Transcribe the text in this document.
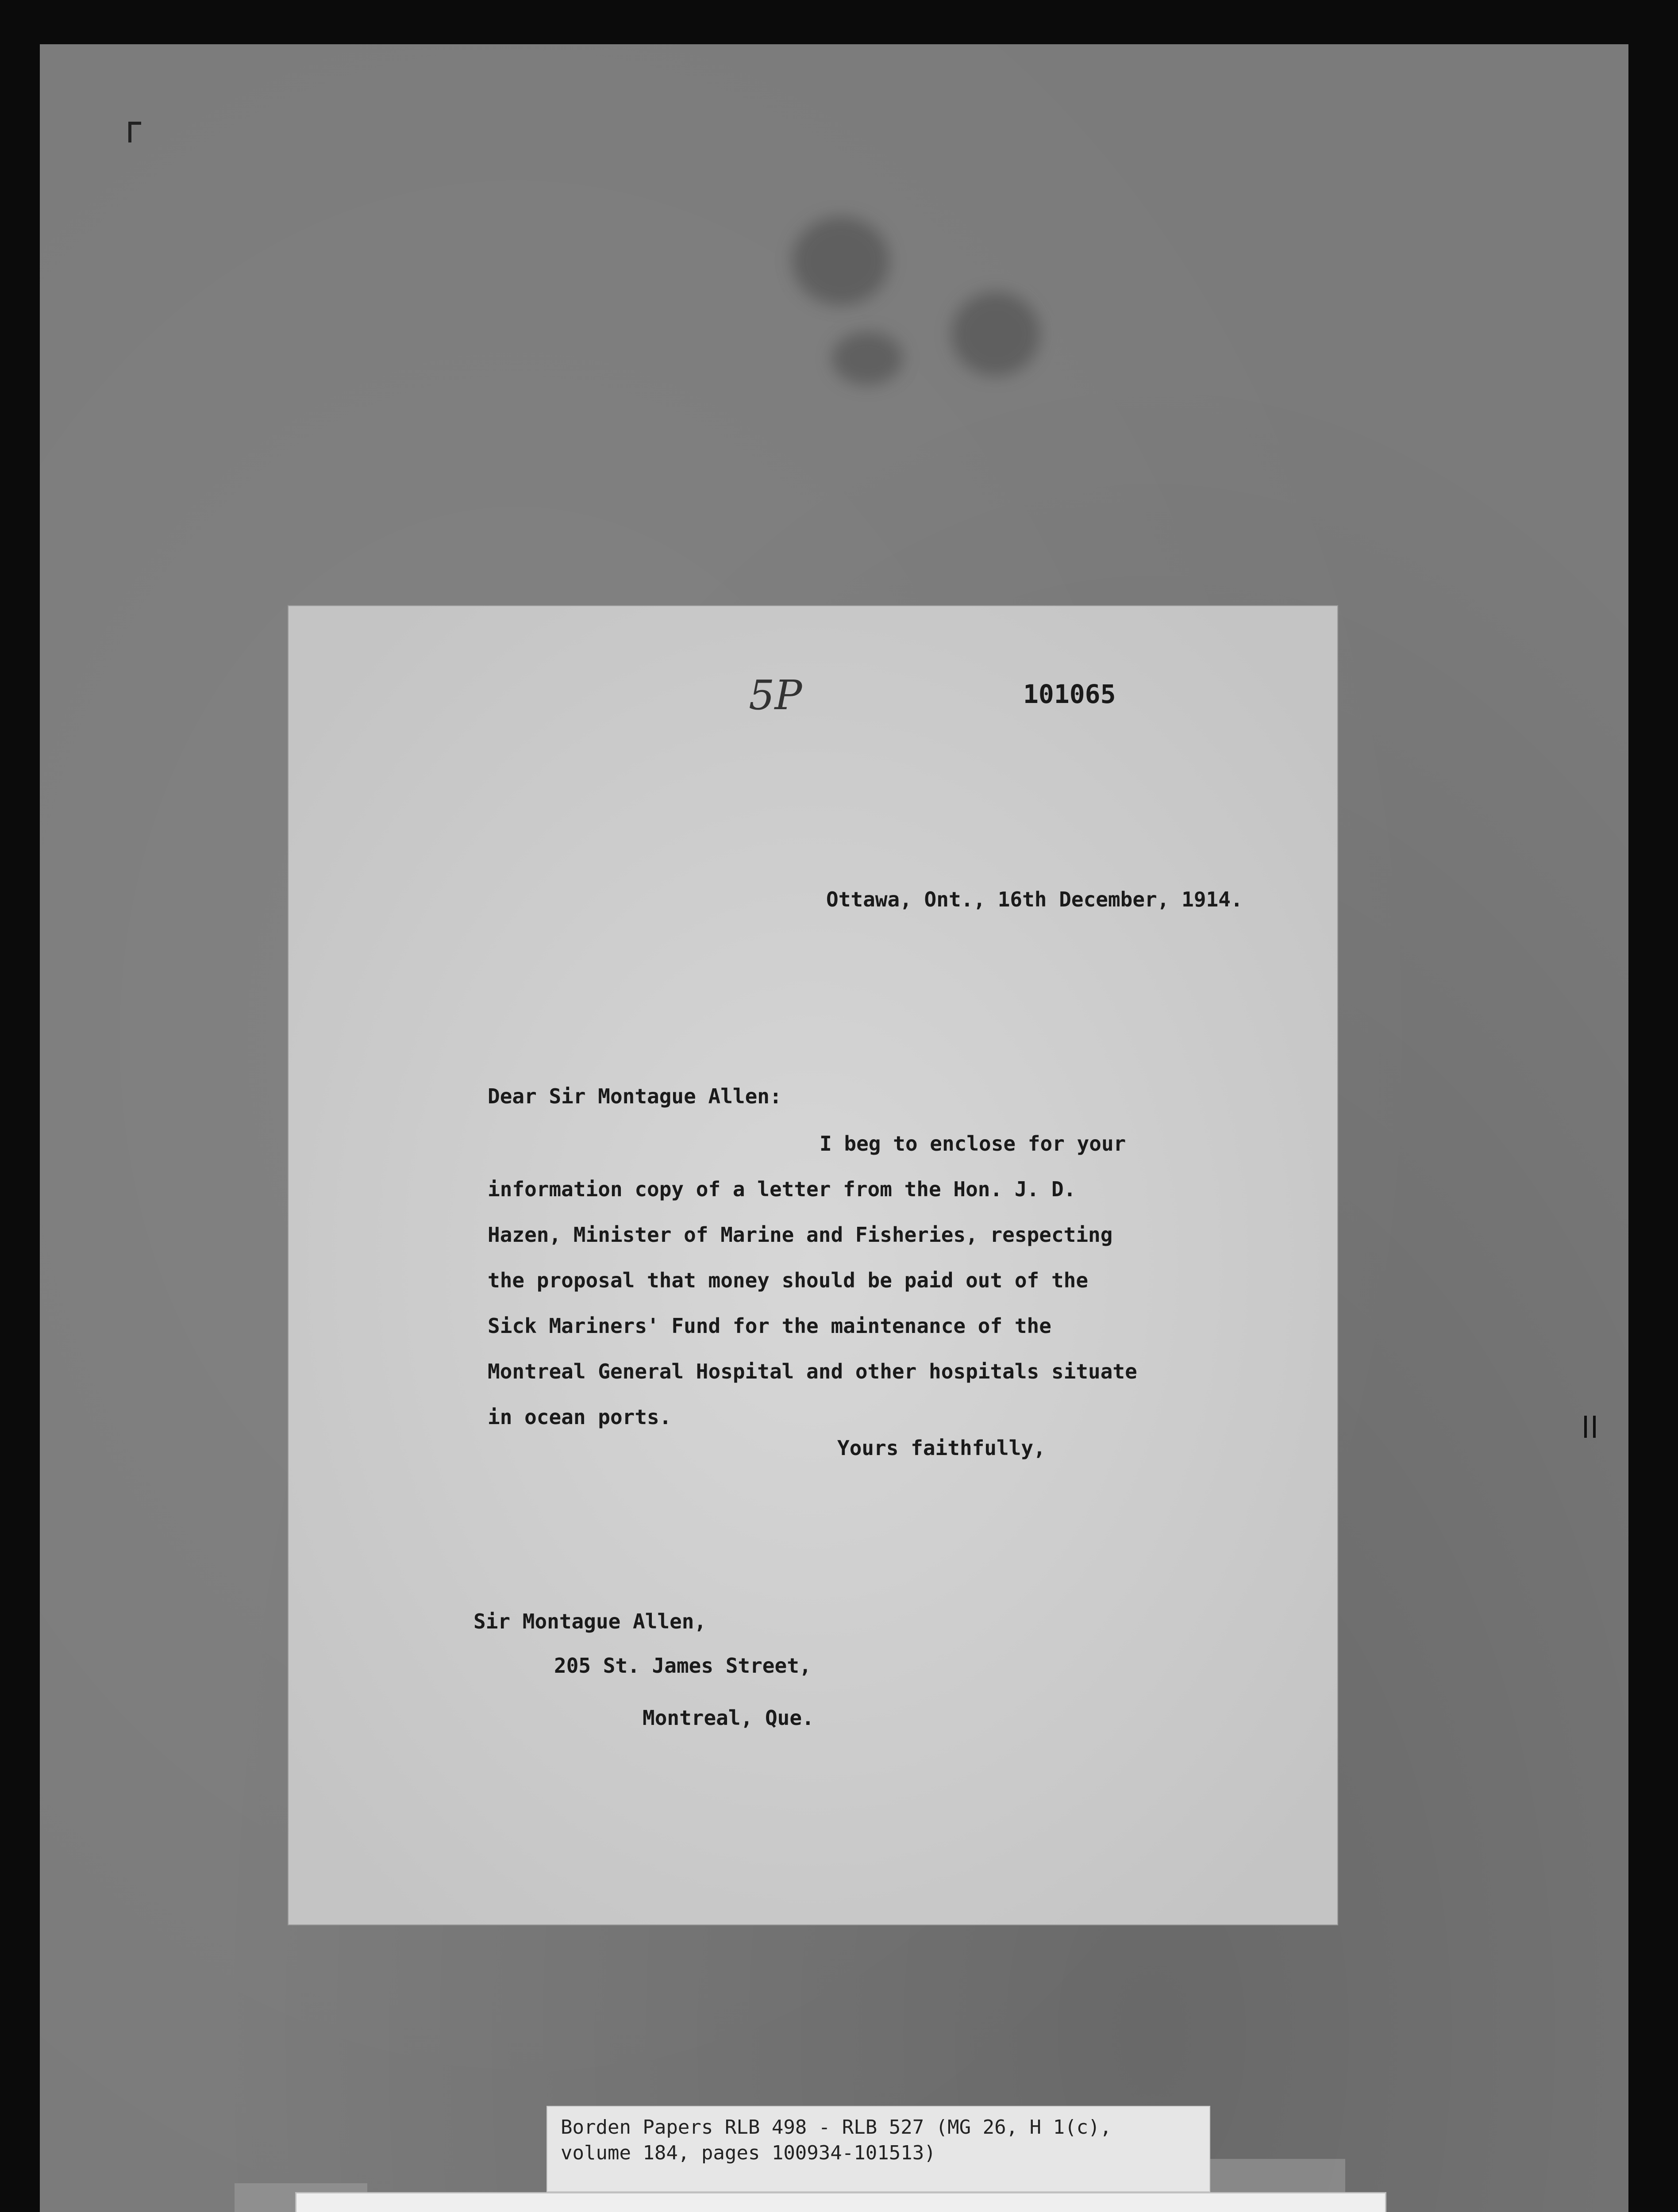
5P	101065
Ottawa, Ont., 16th December, 1914.
Dear Sir Montague Allen:
I beg to enclose for your
information copy of a letter from the Hon. J. D.
Hazen, Minister of Marine and Fisheries, respecting
the proposal that money should be paid out of the
Sick Mariners' Fund for the maintenance of the
Montreal General Hospital and other hospitals situate
in ocean ports.
Yours faithfully,
Sir Montague Allen,
205 St. James Street,
Montreal, Que.
Borden Papers RLB 498 - RLB 527 (MG 26, H 1(c),
volume 184, pages 100934-101513)
